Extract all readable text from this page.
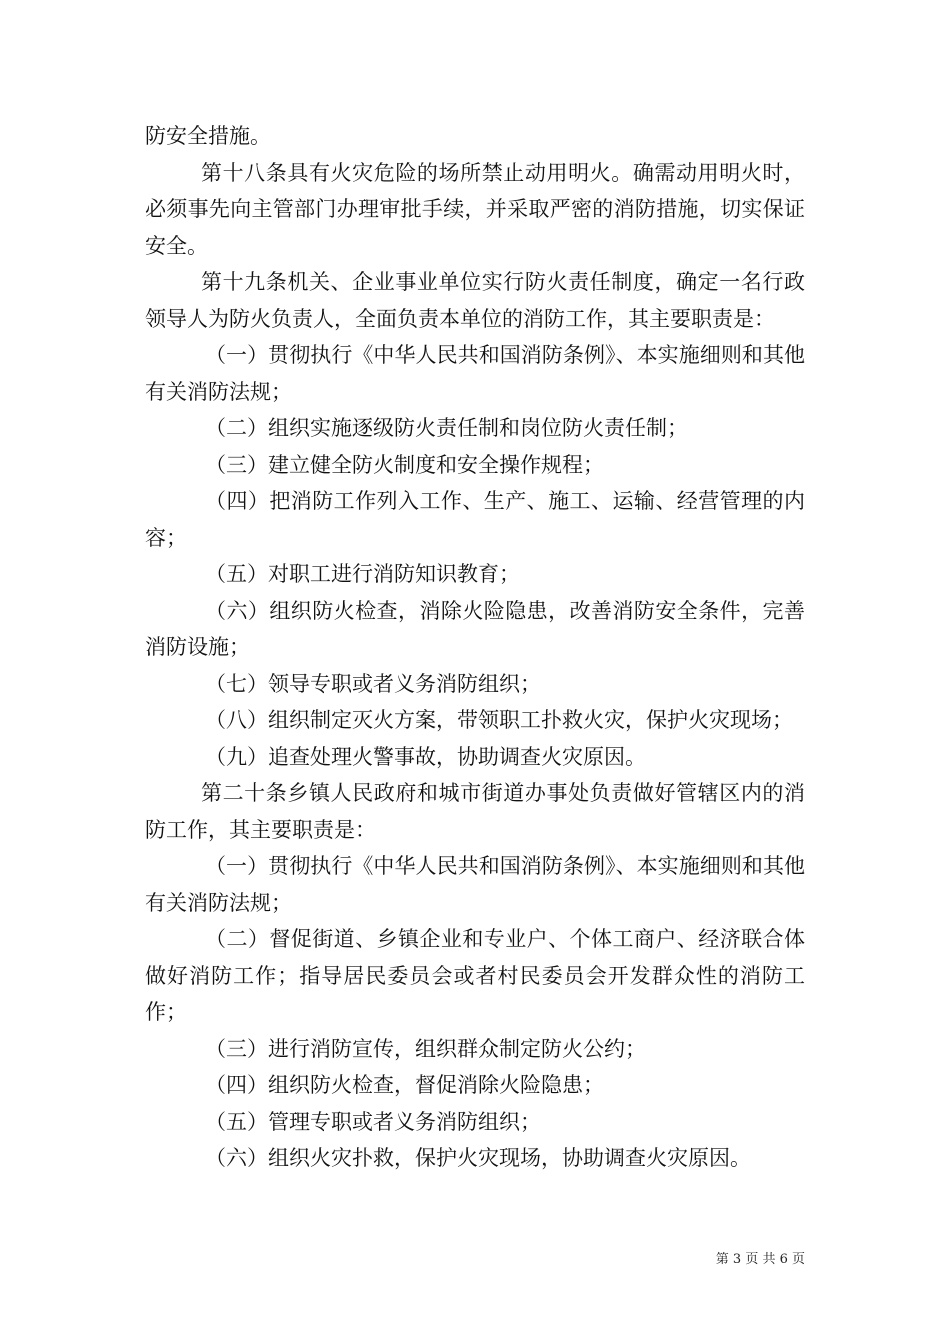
防安全措施。

第十八条具有火灾危险的场所禁止动用明火。确需动用明火时，必须事先向主管部门办理审批手续，并采取严密的消防措施，切实保证安全。

第十九条机关、企业事业单位实行防火责任制度，确定一名行政领导人为防火负责人，全面负责本单位的消防工作，其主要职责是：

（一）贯彻执行《中华人民共和国消防条例》、本实施细则和其他有关消防法规；

（二）组织实施逐级防火责任制和岗位防火责任制；

（三）建立健全防火制度和安全操作规程；

（四）把消防工作列入工作、生产、施工、运输、经营管理的内容；

（五）对职工进行消防知识教育；

（六）组织防火检查，消除火险隐患，改善消防安全条件，完善消防设施；

（七）领导专职或者义务消防组织；

（八）组织制定灭火方案，带领职工扑救火灾，保护火灾现场；

（九）追查处理火警事故，协助调查火灾原因。

第二十条乡镇人民政府和城市街道办事处负责做好管辖区内的消防工作，其主要职责是：

（一）贯彻执行《中华人民共和国消防条例》、本实施细则和其他有关消防法规；

（二）督促街道、乡镇企业和专业户、个体工商户、经济联合体做好消防工作；指导居民委员会或者村民委员会开发群众性的消防工作；

（三）进行消防宣传，组织群众制定防火公约；

（四）组织防火检查，督促消除火险隐患；

（五）管理专职或者义务消防组织；

（六）组织火灾扑救，保护火灾现场，协助调查火灾原因。

第 3 页 共 6 页
